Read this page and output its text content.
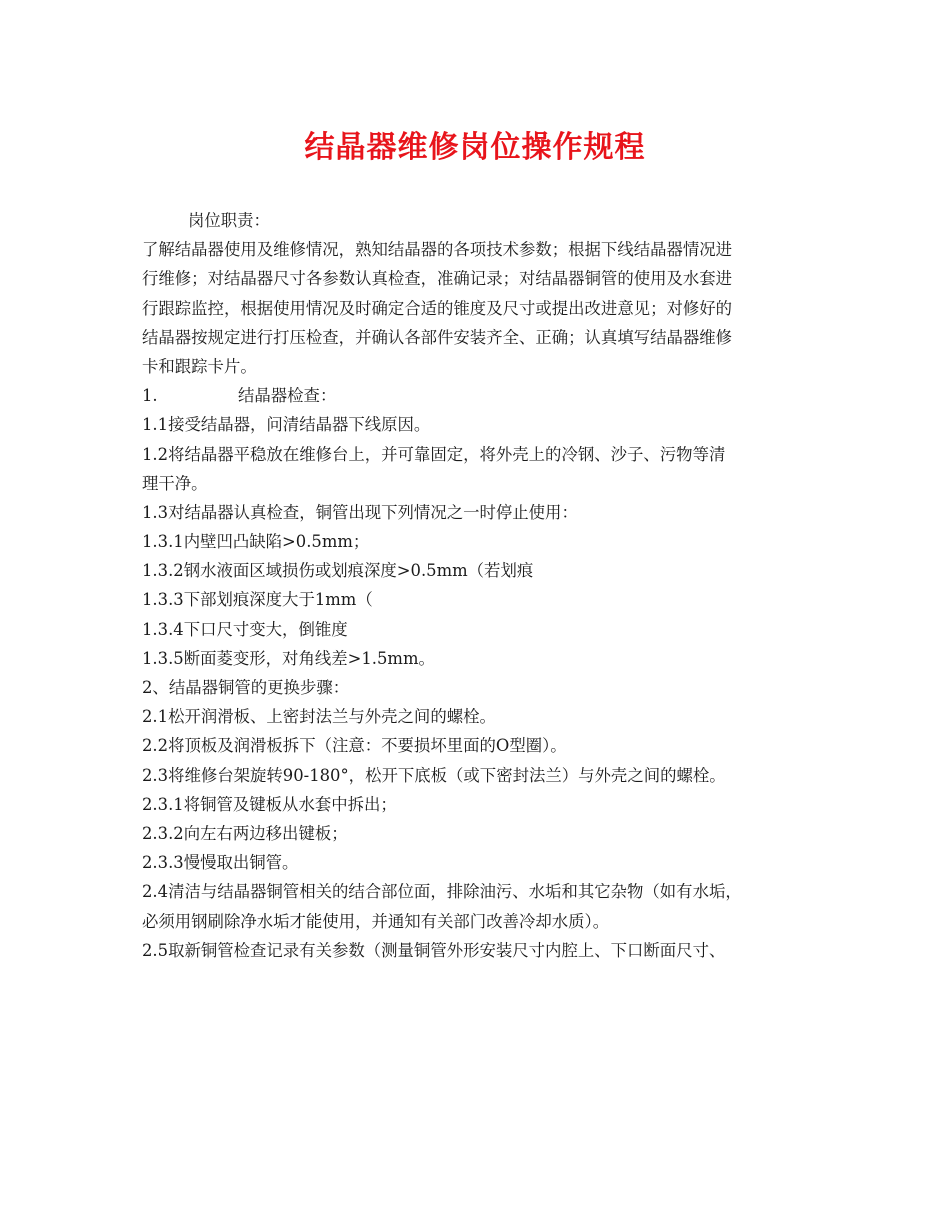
结晶器维修岗位操作规程
岗位职责：
了解结晶器使用及维修情况，熟知结晶器的各项技术参数；根据下线结晶器情况进
行维修；对结晶器尺寸各参数认真检查，准确记录；对结晶器铜管的使用及水套进
行跟踪监控，根据使用情况及时确定合适的锥度及尺寸或提出改进意见；对修好的
结晶器按规定进行打压检查，并确认各部件安装齐全、正确；认真填写结晶器维修
卡和跟踪卡片。
1.	结晶器检查：
1.1接受结晶器，问清结晶器下线原因。
1.2将结晶器平稳放在维修台上，并可靠固定，将外壳上的冷钢、沙子、污物等清
理干净。
1.3对结晶器认真检查，铜管出现下列情况之一时停止使用：
1.3.1内壁凹凸缺陷>0.5mm；
1.3.2钢水液面区域损伤或划痕深度>0.5mm（若划痕
1.3.3下部划痕深度大于1mm（
1.3.4下口尺寸变大，倒锥度
1.3.5断面菱变形，对角线差>1.5mm。
2、结晶器铜管的更换步骤：
2.1松开润滑板、上密封法兰与外壳之间的螺栓。
2.2将顶板及润滑板拆下（注意：不要损坏里面的O型圈）。
2.3将维修台架旋转90-180°，松开下底板（或下密封法兰）与外壳之间的螺栓。
2.3.1将铜管及键板从水套中拆出；
2.3.2向左右两边移出键板；
2.3.3慢慢取出铜管。
2.4清洁与结晶器铜管相关的结合部位面，排除油污、水垢和其它杂物（如有水垢，
必须用钢刷除净水垢才能使用，并通知有关部门改善冷却水质）。
2.5取新铜管检查记录有关参数（测量铜管外形安装尺寸内腔上、下口断面尺寸、
